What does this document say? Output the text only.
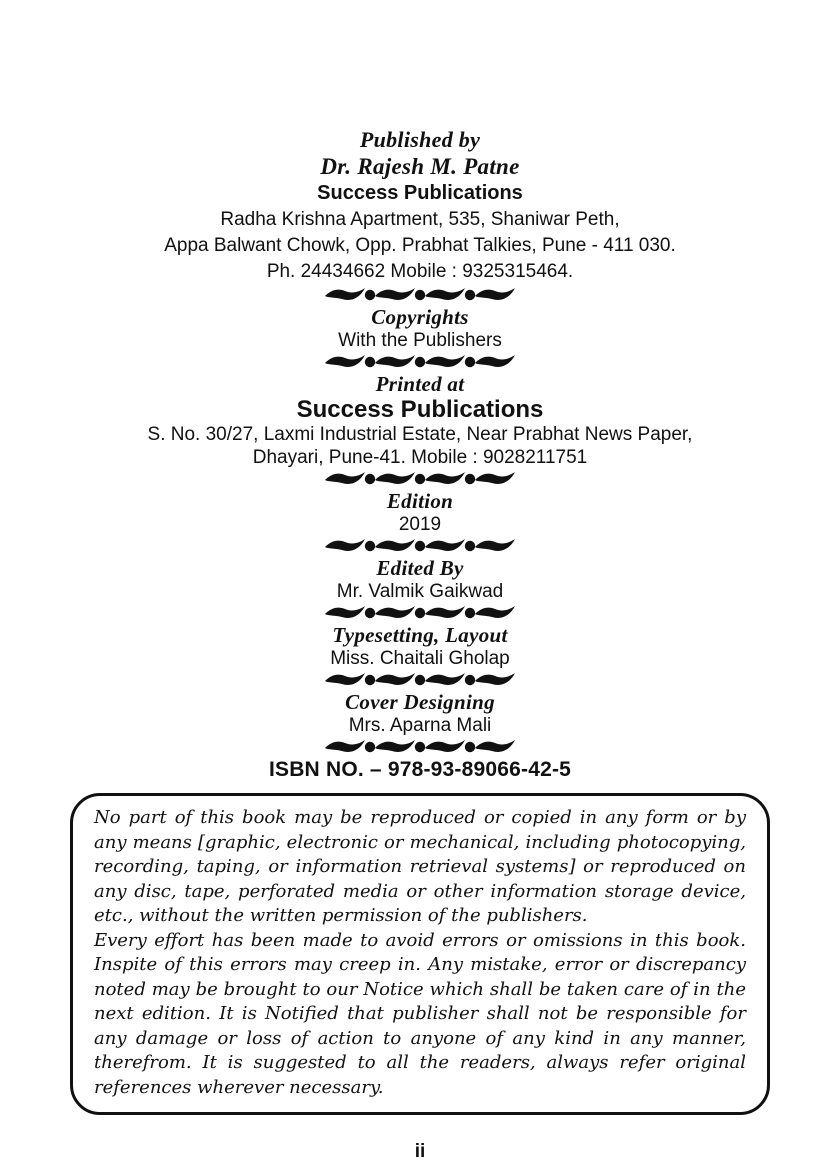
Published by
Dr. Rajesh M. Patne
Success Publications
Radha Krishna Apartment, 535, Shaniwar Peth,
Appa Balwant Chowk, Opp. Prabhat Talkies, Pune - 411 030.
Ph. 24434662 Mobile : 9325315464.
Copyrights
With the Publishers
Printed at
Success Publications
S. No. 30/27, Laxmi Industrial Estate, Near Prabhat News Paper,
Dhayari, Pune-41. Mobile : 9028211751
Edition
2019
Edited By
Mr. Valmik Gaikwad
Typesetting, Layout
Miss. Chaitali Gholap
Cover Designing
Mrs. Aparna Mali
ISBN NO. – 978-93-89066-42-5

No part of this book may be reproduced or copied in any form or by any means [graphic, electronic or mechanical, including photocopying, recording, taping, or information retrieval systems] or reproduced on any disc, tape, perforated media or other information storage device, etc., without the written permission of the publishers.

Every effort has been made to avoid errors or omissions in this book. Inspite of this errors may creep in. Any mistake, error or discrepancy noted may be brought to our Notice which shall be taken care of in the next edition. It is Notified that publisher shall not be responsible for any damage or loss of action to anyone of any kind in any manner, therefrom. It is suggested to all the readers, always refer original references wherever necessary.

ii
